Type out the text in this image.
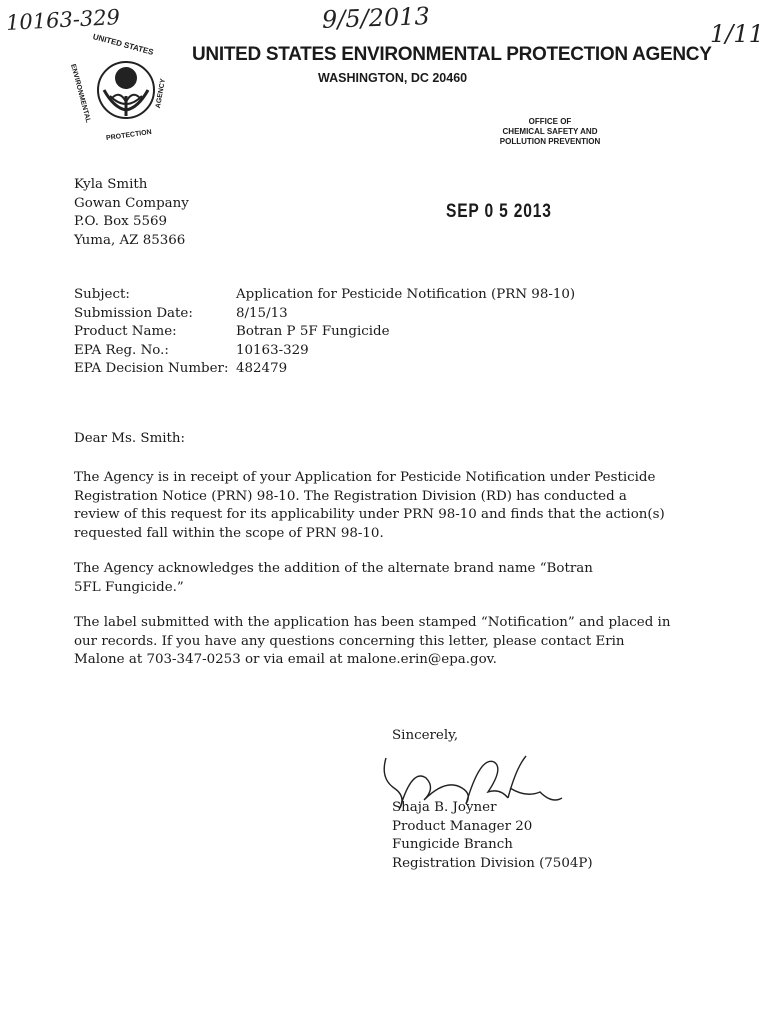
10163-329	9/5/2013
1/11
UNITED STATES
ENVIRONMENTAL	AGENCY
PROTECTION
UNITED STATES ENVIRONMENTAL PROTECTION AGENCY
WASHINGTON, DC 20460
OFFICE OF
CHEMICAL SAFETY AND
POLLUTION PREVENTION
Kyla Smith
Gowan Company
P.O. Box 5569
Yuma, AZ 85366
SEP 0 5 2013
Subject:	Application for Pesticide Notification (PRN 98-10)
Submission Date:	8/15/13
Product Name:	Botran P 5F Fungicide
EPA Reg. No.:	10163-329
EPA Decision Number: 482479
Dear Ms. Smith:
The Agency is in receipt of your Application for Pesticide Notification under Pesticide Registration Notice (PRN) 98-10. The Registration Division (RD) has conducted a review of this request for its applicability under PRN 98-10 and finds that the action(s) requested fall within the scope of PRN 98-10.
The Agency acknowledges the addition of the alternate brand name “Botran 5FL Fungicide.”
The label submitted with the application has been stamped “Notification” and placed in our records. If you have any questions concerning this letter, please contact Erin Malone at 703-347-0253 or via email at malone.erin@epa.gov.
Sincerely,
Shaja B. Joyner
Product Manager 20
Fungicide Branch
Registration Division (7504P)
